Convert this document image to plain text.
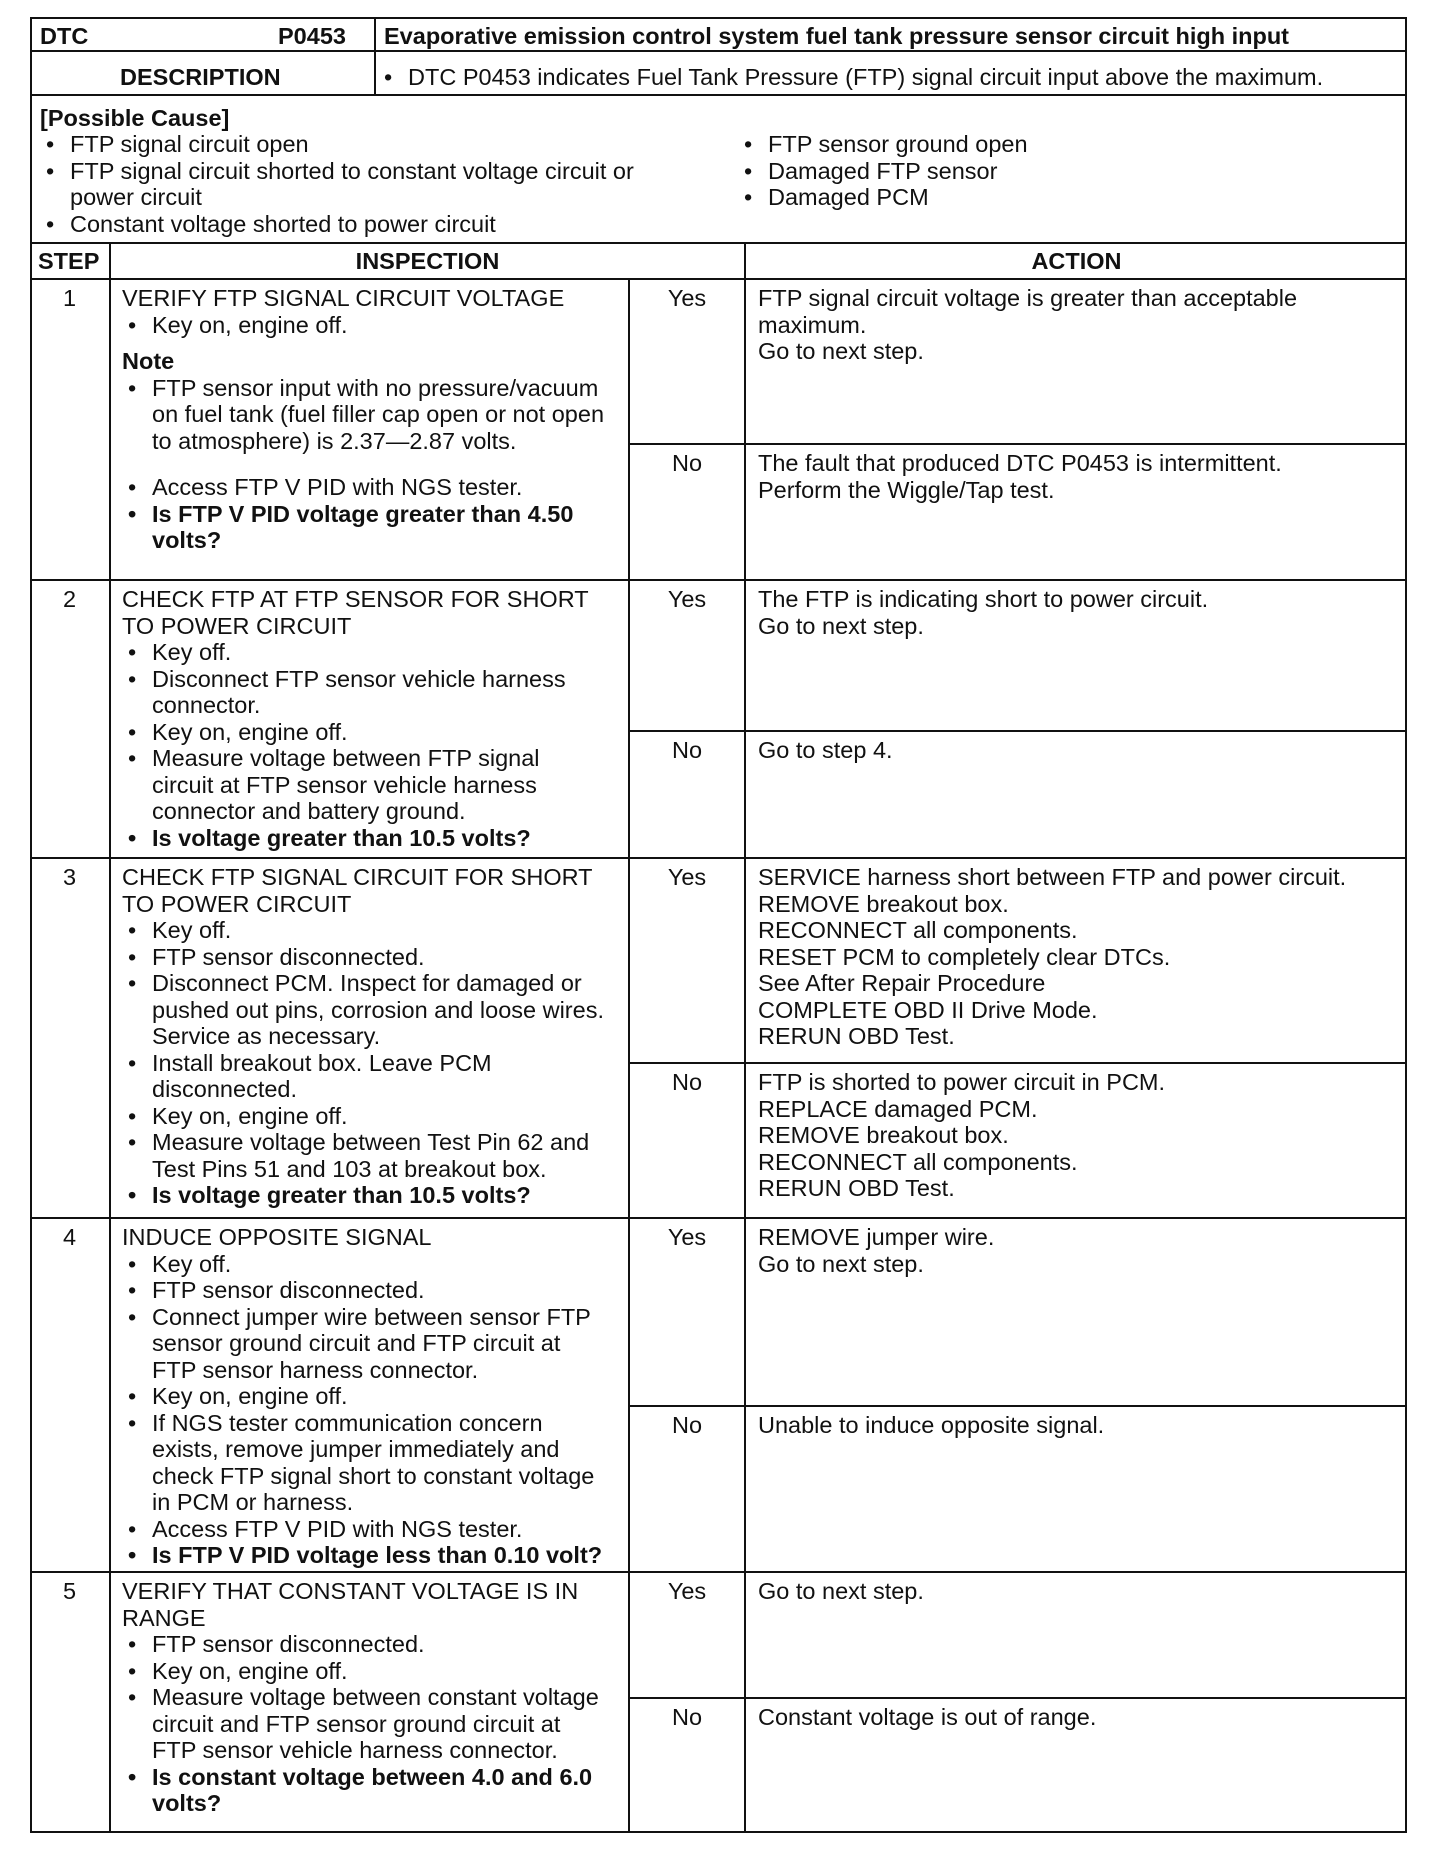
DTC	P0453 Evaporative emission control system fuel tank pressure sensor circuit high input
DESCRIPTION
•	DTC P0453 indicates Fuel Tank Pressure (FTP) signal circuit input above the maximum.
[Possible Cause]
• FTP signal circuit open
• FTP signal circuit shorted to constant voltage circuit or
power circuit
• Constant voltage shorted to power circuit
• FTP sensor ground open
• Damaged FTP sensor
• Damaged PCM
STEP	INSPECTION	ACTION
1	VERIFY FTP SIGNAL CIRCUIT VOLTAGE
• Key on, engine off.
Note
• FTP sensor input with no pressure/vacuum
on fuel tank (fuel filler cap open or not open
to atmosphere) is 2.37—2.87 volts.
• Access FTP V PID with NGS tester.
• Is FTP V PID voltage greater than 4.50
volts?
Yes
No
FTP signal circuit voltage is greater than acceptable
maximum.
Go to next step.
The fault that produced DTC P0453 is intermittent.
Perform the Wiggle/Tap test.
2	CHECK FTP AT FTP SENSOR FOR SHORT
TO POWER CIRCUIT
• Key off.
• Disconnect FTP sensor vehicle harness
connector.
• Key on, engine off.
• Measure voltage between FTP signal
circuit at FTP sensor vehicle harness
connector and battery ground.
• Is voltage greater than 10.5 volts?
Yes
No
The FTP is indicating short to power circuit.
Go to next step.
Go to step 4.
3	CHECK FTP SIGNAL CIRCUIT FOR SHORT
TO POWER CIRCUIT
• Key off.
• FTP sensor disconnected.
• Disconnect PCM. Inspect for damaged or
pushed out pins, corrosion and loose wires.
Service as necessary.
• Install breakout box. Leave PCM
disconnected.
• Key on, engine off.
• Measure voltage between Test Pin 62 and
Test Pins 51 and 103 at breakout box.
• Is voltage greater than 10.5 volts?
Yes
No
SERVICE harness short between FTP and power circuit.
REMOVE breakout box.
RECONNECT all components.
RESET PCM to completely clear DTCs.
See After Repair Procedure
COMPLETE OBD II Drive Mode.
RERUN OBD Test.
FTP is shorted to power circuit in PCM.
REPLACE damaged PCM.
REMOVE breakout box.
RECONNECT all components.
RERUN OBD Test.
4	INDUCE OPPOSITE SIGNAL
• Key off.
• FTP sensor disconnected.
• Connect jumper wire between sensor FTP
sensor ground circuit and FTP circuit at
FTP sensor harness connector.
• Key on, engine off.
• If NGS tester communication concern
exists, remove jumper immediately and
check FTP signal short to constant voltage
in PCM or harness.
• Access FTP V PID with NGS tester.
• Is FTP V PID voltage less than 0.10 volt?
Yes
No
REMOVE jumper wire.
Go to next step.
Unable to induce opposite signal.
5	VERIFY THAT CONSTANT VOLTAGE IS IN
RANGE
• FTP sensor disconnected.
• Key on, engine off.
• Measure voltage between constant voltage
circuit and FTP sensor ground circuit at
FTP sensor vehicle harness connector.
• Is constant voltage between 4.0 and 6.0
volts?
Yes
No
Go to next step.
Constant voltage is out of range.
